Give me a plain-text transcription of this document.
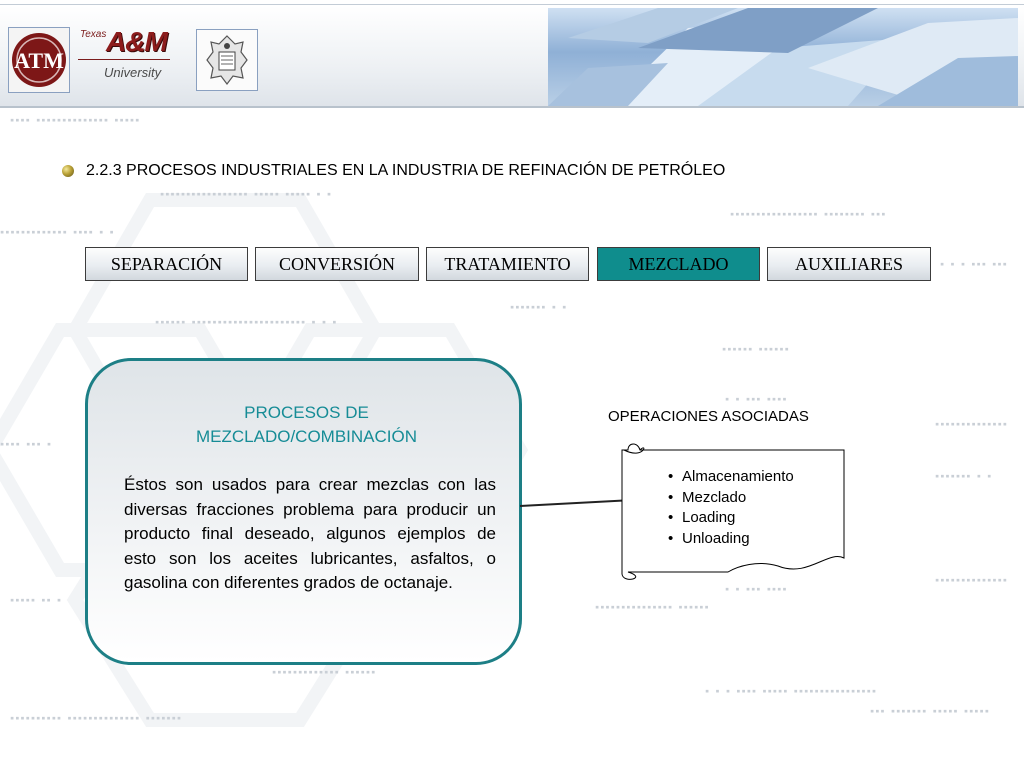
▪▪▪▪ ▪▪▪▪▪▪▪▪▪▪▪▪▪▪ ▪▪▪▪▪
▪▪▪▪▪▪▪▪▪▪▪▪▪▪▪▪▪ ▪▪▪▪▪ ▪▪▪▪▪ ▪ ▪
▪▪▪▪▪▪▪▪▪▪▪▪▪ ▪▪▪▪ ▪ ▪
▪▪▪▪▪▪▪▪▪▪▪▪▪▪▪▪▪ ▪▪▪▪▪▪▪▪ ▪▪▪
▪ ▪ ▪ ▪▪▪ ▪▪▪
▪▪▪▪▪▪▪ ▪ ▪
▪▪▪▪▪▪ ▪▪▪▪▪▪▪▪▪▪▪▪▪▪▪▪▪▪▪▪▪▪ ▪ ▪ ▪
▪▪▪▪▪▪ ▪▪▪▪▪▪
▪ ▪ ▪▪▪ ▪▪▪▪
▪▪▪▪▪▪▪▪▪▪▪▪▪▪
▪▪▪▪ ▪▪▪ ▪
▪▪▪▪▪▪▪ ▪ ▪
▪▪▪▪▪▪▪▪▪▪▪▪▪▪
▪ ▪ ▪▪▪ ▪▪▪▪
▪▪▪▪▪▪▪▪▪▪▪▪▪▪▪ ▪▪▪▪▪▪
▪▪▪▪▪ ▪▪ ▪
▪▪▪▪▪▪▪▪▪▪▪▪▪ ▪▪▪▪▪▪
▪ ▪ ▪ ▪▪▪▪ ▪▪▪▪▪ ▪▪▪▪▪▪▪▪▪▪▪▪▪▪▪▪
▪▪▪ ▪▪▪▪▪▪▪ ▪▪▪▪▪ ▪▪▪▪▪
▪▪▪▪▪▪▪▪▪▪ ▪▪▪▪▪▪▪▪▪▪▪▪▪▪ ▪▪▪▪▪▪▪
ATM
Texas A&M
University
2.2.3 PROCESOS INDUSTRIALES EN LA INDUSTRIA DE REFINACIÓN DE PETRÓLEO
SEPARACIÓN	CONVERSIÓN	TRATAMIENTO	MEZCLADO	AUXILIARES
PROCESOS DE
MEZCLADO/COMBINACIÓN
Éstos son usados para crear mezclas con las diversas fracciones problema para producir un producto final deseado, algunos ejemplos de esto son los aceites lubricantes, asfaltos, o gasolina con diferentes grados de octanaje.
OPERACIONES ASOCIADAS
• Almacenamiento
• Mezclado
• Loading
• Unloading
